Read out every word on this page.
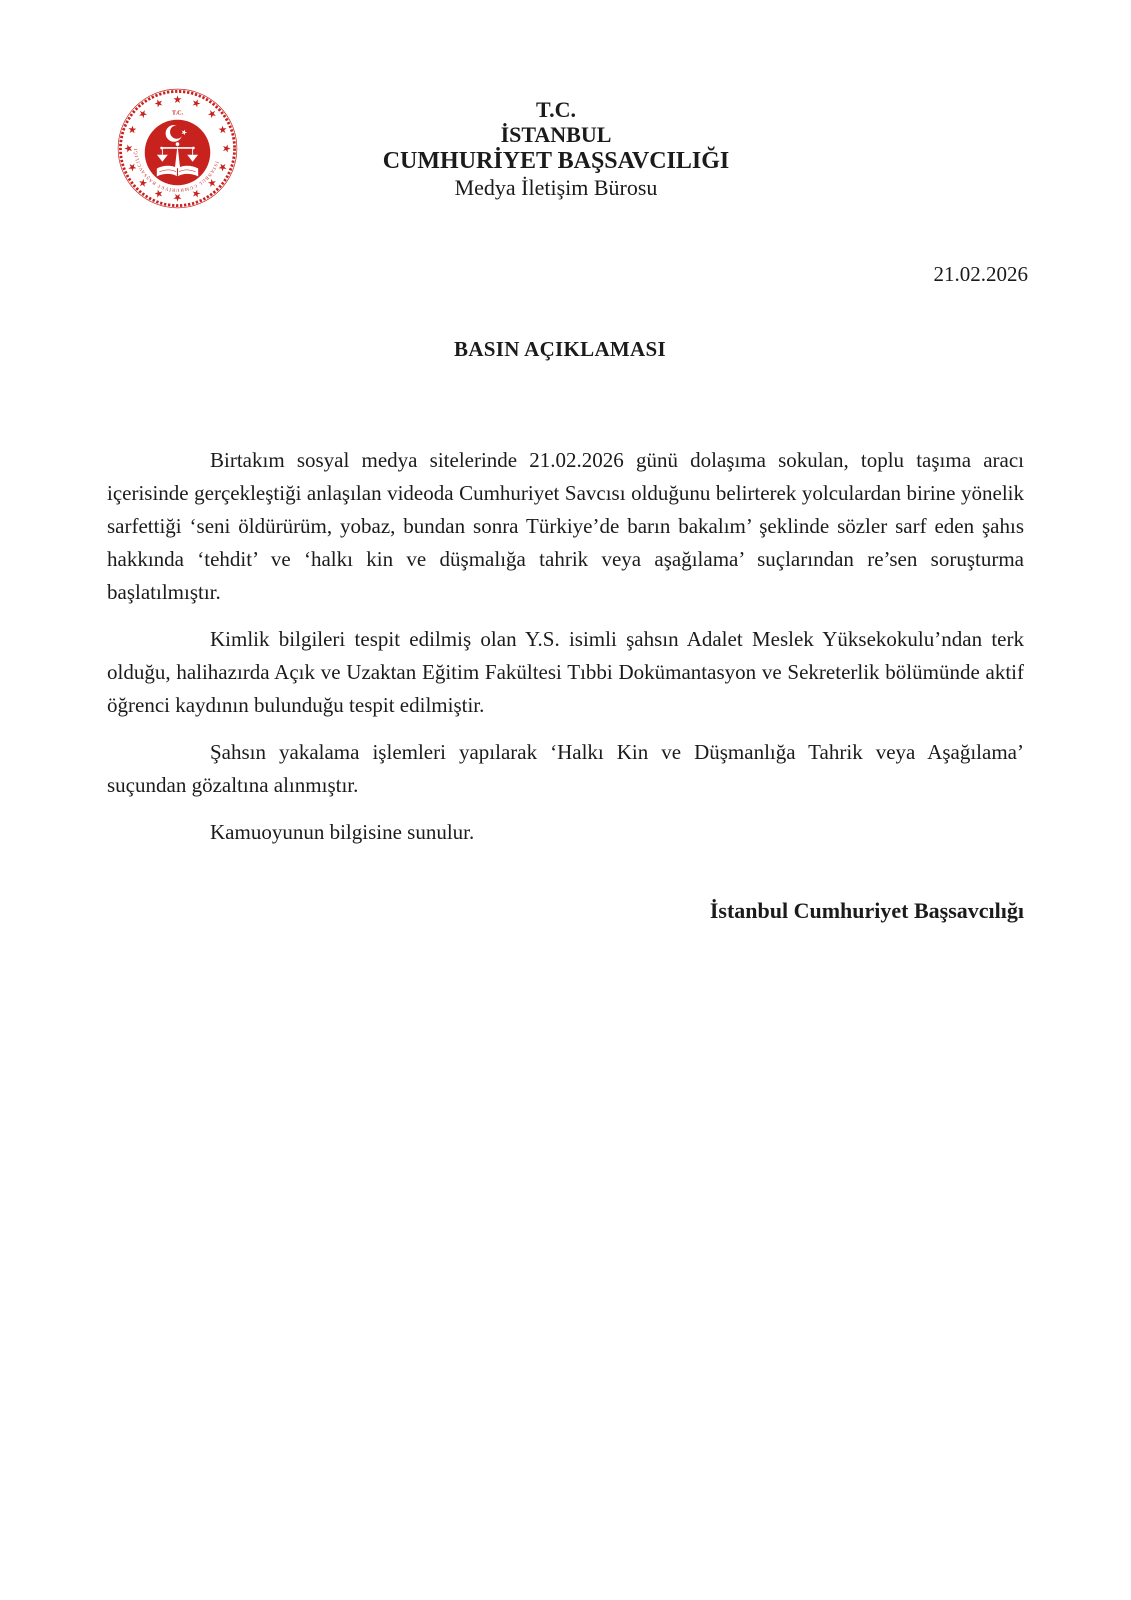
T.C.
İSTANBUL CUMHURİYET BAŞSAVCILIĞI
T.C.
İSTANBUL
CUMHURİYET BAŞSAVCILIĞI
Medya İletişim Bürosu
21.02.2026
BASIN AÇIKLAMASI

Birtakım sosyal medya sitelerinde 21.02.2026 günü dolaşıma sokulan, toplu taşıma aracı içerisinde gerçekleştiği anlaşılan videoda Cumhuriyet Savcısı olduğunu belirterek yolculardan birine yönelik sarfettiği ‘seni öldürürüm, yobaz, bundan sonra Türkiye’de barın bakalım’ şeklinde sözler sarf eden şahıs hakkında ‘tehdit’ ve ‘halkı kin ve düşmalığa tahrik veya aşağılama’ suçlarından re’sen soruşturma başlatılmıştır.

Kimlik bilgileri tespit edilmiş olan Y.S. isimli şahsın Adalet Meslek Yüksekokulu’ndan terk olduğu, halihazırda Açık ve Uzaktan Eğitim Fakültesi Tıbbi Dokümantasyon ve Sekreterlik bölümünde aktif öğrenci kaydının bulunduğu tespit edilmiştir.

Şahsın yakalama işlemleri yapılarak ‘Halkı Kin ve Düşmanlığa Tahrik veya Aşağılama’ suçundan gözaltına alınmıştır.

Kamuoyunun bilgisine sunulur.

İstanbul Cumhuriyet Başsavcılığı
